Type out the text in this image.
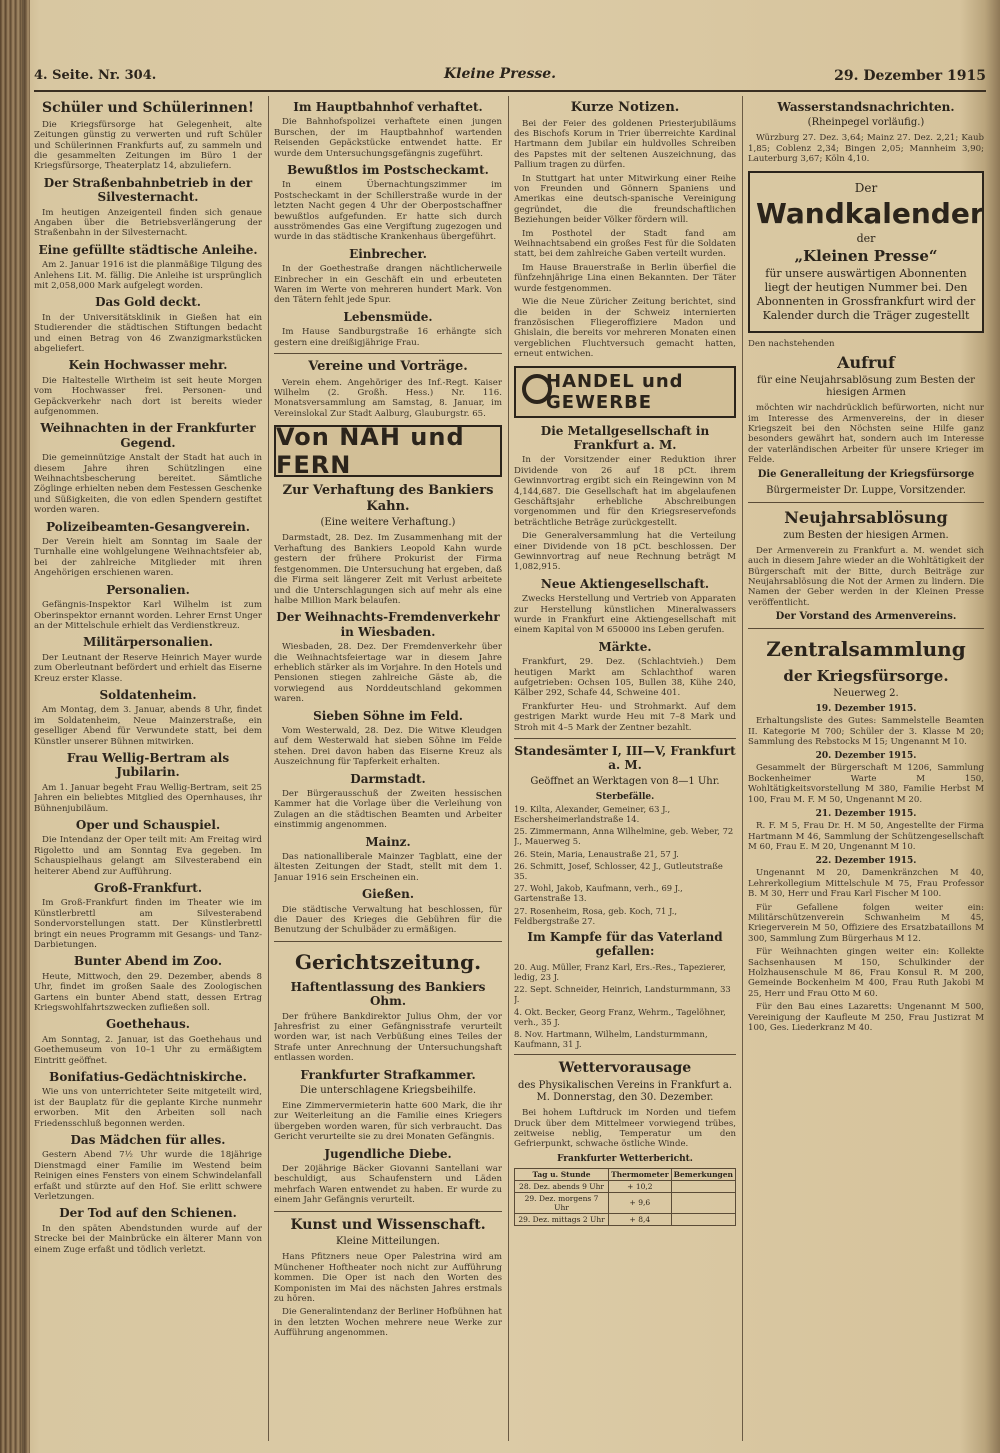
4. Seite. Nr. 304.	Kleine Presse.	29. Dezember 1915
Schüler und Schülerinnen!

Die Kriegsfürsorge hat Gelegenheit, alte Zeitungen günstig zu verwerten und ruft Schüler und Schülerinnen Frankfurts auf, zu sammeln und die gesammelten Zeitungen im Büro 1 der Kriegsfürsorge, Theaterplatz 14, abzuliefern.

Der Straßenbahnbetrieb in der Silvesternacht.

Im heutigen Anzeigenteil finden sich genaue Angaben über die Betriebsverlängerung der Straßenbahn in der Silvesternacht.

Eine gefüllte städtische Anleihe.

Am 2. Januar 1916 ist die planmäßige Tilgung des Anlehens Lit. M. fällig. Die Anleihe ist ursprünglich mit 2,058,000 Mark aufgelegt worden.

Das Gold deckt.

In der Universitätsklinik in Gießen hat ein Studierender die städtischen Stiftungen bedacht und einen Betrag von 46 Zwanzigmarkstücken abgeliefert.

Kein Hochwasser mehr.

Die Haltestelle Wirtheim ist seit heute Morgen vom Hochwasser frei. Personen- und Gepäckverkehr nach dort ist bereits wieder aufgenommen.

Weihnachten in der Frankfurter Gegend.

Die gemeinnützige Anstalt der Stadt hat auch in diesem Jahre ihren Schützlingen eine Weihnachtsbescherung bereitet. Sämtliche Zöglinge erhielten neben dem Festessen Geschenke und Süßigkeiten, die von edlen Spendern gestiftet worden waren.

Polizeibeamten-Gesangverein.

Der Verein hielt am Sonntag im Saale der Turnhalle eine wohlgelungene Weihnachtsfeier ab, bei der zahlreiche Mitglieder mit ihren Angehörigen erschienen waren.

Personalien.

Gefängnis-Inspektor Karl Wilhelm ist zum Oberinspektor ernannt worden. Lehrer Ernst Unger an der Mittelschule erhielt das Verdienstkreuz.

Militärpersonalien.

Der Leutnant der Reserve Heinrich Mayer wurde zum Oberleutnant befördert und erhielt das Eiserne Kreuz erster Klasse.

Soldatenheim.

Am Montag, dem 3. Januar, abends 8 Uhr, findet im Soldatenheim, Neue Mainzerstraße, ein geselliger Abend für Verwundete statt, bei dem Künstler unserer Bühnen mitwirken.

Frau Wellig-Bertram als Jubilarin.

Am 1. Januar begeht Frau Wellig-Bertram, seit 25 Jahren ein beliebtes Mitglied des Opernhauses, ihr Bühnenjubiläum.

Oper und Schauspiel.

Die Intendanz der Oper teilt mit: Am Freitag wird Rigoletto und am Sonntag Eva gegeben. Im Schauspielhaus gelangt am Silvesterabend ein heiterer Abend zur Aufführung.

Groß-Frankfurt.

Im Groß-Frankfurt finden im Theater wie im Künstlerbrettl am Silvesterabend Sondervorstellungen statt. Der Künstlerbrettl bringt ein neues Programm mit Gesangs- und Tanz-Darbietungen.

Bunter Abend im Zoo.

Heute, Mittwoch, den 29. Dezember, abends 8 Uhr, findet im großen Saale des Zoologischen Gartens ein bunter Abend statt, dessen Ertrag Kriegswohlfahrtszwecken zufließen soll.

Goethehaus.

Am Sonntag, 2. Januar, ist das Goethehaus und Goethemuseum von 10–1 Uhr zu ermäßigtem Eintritt geöffnet.

Bonifatius-Gedächtniskirche.

Wie uns von unterrichteter Seite mitgeteilt wird, ist der Bauplatz für die geplante Kirche nunmehr erworben. Mit den Arbeiten soll nach Friedensschluß begonnen werden.

Das Mädchen für alles.

Gestern Abend 7½ Uhr wurde die 18jährige Dienstmagd einer Familie im Westend beim Reinigen eines Fensters von einem Schwindelanfall erfaßt und stürzte auf den Hof. Sie erlitt schwere Verletzungen.

Der Tod auf den Schienen.

In den späten Abendstunden wurde auf der Strecke bei der Mainbrücke ein älterer Mann von einem Zuge erfaßt und tödlich verletzt.

Im Hauptbahnhof verhaftet.

Die Bahnhofspolizei verhaftete einen jungen Burschen, der im Hauptbahnhof wartenden Reisenden Gepäckstücke entwendet hatte. Er wurde dem Untersuchungsgefängnis zugeführt.

Bewußtlos im Postscheckamt.

In einem Übernachtungszimmer im Postscheckamt in der Schillerstraße wurde in der letzten Nacht gegen 4 Uhr der Oberpostschaffner bewußtlos aufgefunden. Er hatte sich durch ausströmendes Gas eine Vergiftung zugezogen und wurde in das städtische Krankenhaus übergeführt.

Einbrecher.

In der Goethestraße drangen nächtlicherweile Einbrecher in ein Geschäft ein und erbeuteten Waren im Werte von mehreren hundert Mark. Von den Tätern fehlt jede Spur.

Lebensmüde.

Im Hause Sandburgstraße 16 erhängte sich gestern eine dreißigjährige Frau.

Vereine und Vorträge.

Verein ehem. Angehöriger des Inf.-Regt. Kaiser Wilhelm (2. Großh. Hess.) Nr. 116. Monatsversammlung am Samstag, 8. Januar, im Vereinslokal Zur Stadt Aalburg, Glauburgstr. 65.

Von NAH und FERN
Zur Verhaftung des Bankiers Kahn.
(Eine weitere Verhaftung.)

Darmstadt, 28. Dez. Im Zusammenhang mit der Verhaftung des Bankiers Leopold Kahn wurde gestern der frühere Prokurist der Firma festgenommen. Die Untersuchung hat ergeben, daß die Firma seit längerer Zeit mit Verlust arbeitete und die Unterschlagungen sich auf mehr als eine halbe Million Mark belaufen.

Der Weihnachts-Fremdenverkehr in Wiesbaden.

Wiesbaden, 28. Dez. Der Fremdenverkehr über die Weihnachtsfeiertage war in diesem Jahre erheblich stärker als im Vorjahre. In den Hotels und Pensionen stiegen zahlreiche Gäste ab, die vorwiegend aus Norddeutschland gekommen waren.

Sieben Söhne im Feld.

Vom Westerwald, 28. Dez. Die Witwe Kleudgen auf dem Westerwald hat sieben Söhne im Felde stehen. Drei davon haben das Eiserne Kreuz als Auszeichnung für Tapferkeit erhalten.

Darmstadt.

Der Bürgerausschuß der Zweiten hessischen Kammer hat die Vorlage über die Verleihung von Zulagen an die städtischen Beamten und Arbeiter einstimmig angenommen.

Mainz.

Das nationalliberale Mainzer Tagblatt, eine der ältesten Zeitungen der Stadt, stellt mit dem 1. Januar 1916 sein Erscheinen ein.

Gießen.

Die städtische Verwaltung hat beschlossen, für die Dauer des Krieges die Gebühren für die Benutzung der Schulbäder zu ermäßigen.

Gerichtszeitung.
Haftentlassung des Bankiers Ohm.

Der frühere Bankdirektor Julius Ohm, der vor Jahresfrist zu einer Gefängnisstrafe verurteilt worden war, ist nach Verbüßung eines Teiles der Strafe unter Anrechnung der Untersuchungshaft entlassen worden.

Frankfurter Strafkammer.
Die unterschlagene Kriegsbeihilfe.

Eine Zimmervermieterin hatte 600 Mark, die ihr zur Weiterleitung an die Familie eines Kriegers übergeben worden waren, für sich verbraucht. Das Gericht verurteilte sie zu drei Monaten Gefängnis.

Jugendliche Diebe.

Der 20jährige Bäcker Giovanni Santellani war beschuldigt, aus Schaufenstern und Läden mehrfach Waren entwendet zu haben. Er wurde zu einem Jahr Gefängnis verurteilt.

Kunst und Wissenschaft.
Kleine Mitteilungen.

Hans Pfitzners neue Oper Palestrina wird am Münchener Hoftheater noch nicht zur Aufführung kommen. Die Oper ist nach den Worten des Komponisten im Mai des nächsten Jahres erstmals zu hören.

Die Generalintendanz der Berliner Hofbühnen hat in den letzten Wochen mehrere neue Werke zur Aufführung angenommen.

Kurze Notizen.

Bei der Feier des goldenen Priesterjubiläums des Bischofs Korum in Trier überreichte Kardinal Hartmann dem Jubilar ein huldvolles Schreiben des Papstes mit der seltenen Auszeichnung, das Pallium tragen zu dürfen.

In Stuttgart hat unter Mitwirkung einer Reihe von Freunden und Gönnern Spaniens und Amerikas eine deutsch-spanische Vereinigung gegründet, die die freundschaftlichen Beziehungen beider Völker fördern will.

Im Posthotel der Stadt fand am Weihnachtsabend ein großes Fest für die Soldaten statt, bei dem zahlreiche Gaben verteilt wurden.

Im Hause Brauerstraße in Berlin überfiel die fünfzehnjährige Lina einen Bekannten. Der Täter wurde festgenommen.

Wie die Neue Züricher Zeitung berichtet, sind die beiden in der Schweiz internierten französischen Fliegeroffiziere Madon und Ghislain, die bereits vor mehreren Monaten einen vergeblichen Fluchtversuch gemacht hatten, erneut entwichen.

HANDEL und GEWERBE
Die Metallgesellschaft in Frankfurt a. M.

In der Vorsitzender einer Reduktion ihrer Dividende von 26 auf 18 pCt. ihrem Gewinnvortrag ergibt sich ein Reingewinn von M 4,144,687. Die Gesellschaft hat im abgelaufenen Geschäftsjahr erhebliche Abschreibungen vorgenommen und für den Kriegsreservefonds beträchtliche Beträge zurückgestellt.

Die Generalversammlung hat die Verteilung einer Dividende von 18 pCt. beschlossen. Der Gewinnvortrag auf neue Rechnung beträgt M 1,082,915.

Neue Aktiengesellschaft.

Zwecks Herstellung und Vertrieb von Apparaten zur Herstellung künstlichen Mineralwassers wurde in Frankfurt eine Aktiengesellschaft mit einem Kapital von M 650000 ins Leben gerufen.

Märkte.

Frankfurt, 29. Dez. (Schlachtvieh.) Dem heutigen Markt am Schlachthof waren aufgetrieben: Ochsen 105, Bullen 38, Kühe 240, Kälber 292, Schafe 44, Schweine 401.

Frankfurter Heu- und Strohmarkt. Auf dem gestrigen Markt wurde Heu mit 7–8 Mark und Stroh mit 4–5 Mark der Zentner bezahlt.

Standesämter I, III—V, Frankfurt a. M.
Geöffnet an Werktagen von 8—1 Uhr.
Sterbefälle.

19. Kilta, Alexander, Gemeiner, 63 J., Eschersheimerlandstraße 14.

25. Zimmermann, Anna Wilhelmine, geb. Weber, 72 J., Mauerweg 5.

26. Stein, Maria, Lenaustraße 21, 57 J.

26. Schmitt, Josef, Schlosser, 42 J., Gutleutstraße 35.

27. Wohl, Jakob, Kaufmann, verh., 69 J., Gartenstraße 13.

27. Rosenheim, Rosa, geb. Koch, 71 J., Feldbergstraße 27.

Im Kampfe für das Vaterland gefallen:

20. Aug. Müller, Franz Karl, Ers.-Res., Tapezierer, ledig, 23 J.

22. Sept. Schneider, Heinrich, Landsturmmann, 33 J.

4. Okt. Becker, Georg Franz, Wehrm., Tagelöhner, verh., 35 J.

8. Nov. Hartmann, Wilhelm, Landsturmmann, Kaufmann, 31 J.

Wettervorausage
des Physikalischen Vereins in Frankfurt a. M. Donnerstag, den 30. Dezember.

Bei hohem Luftdruck im Norden und tiefem Druck über dem Mittelmeer vorwiegend trübes, zeitweise neblig, Temperatur um den Gefrierpunkt, schwache östliche Winde.

Frankfurter Wetterbericht.
Tag u. Stunde	Thermometer	Bemerkungen
28. Dez. abends 9 Uhr	+ 10,2	
29. Dez. morgens 7 Uhr	+ 9,6	
29. Dez. mittags 2 Uhr	+ 8,4	
Wasserstandsnachrichten.
(Rheinpegel vorläufig.)

Würzburg 27. Dez. 3,64; Mainz 27. Dez. 2,21; Kaub 1,85; Coblenz 2,34; Bingen 2,05; Mannheim 3,90; Lauterburg 3,67; Köln 4,10.

Der
Wandkalender
der
„Kleinen Presse“
für unsere auswärtigen Abonnenten liegt der heutigen Nummer bei. Den Abonnenten in Grossfrankfurt wird der Kalender durch die Träger zugestellt

Den nachstehenden

Aufruf
für eine Neujahrsablösung zum Besten der hiesigen Armen

möchten wir nachdrücklich befürworten, nicht nur im Interesse des Armenvereins, der in dieser Kriegszeit bei den Nöchsten seine Hilfe ganz besonders gewährt hat, sondern auch im Interesse der vaterländischen Arbeiter für unsere Krieger im Felde.

Die Generalleitung der Kriegsfürsorge
Bürgermeister Dr. Luppe, Vorsitzender.
Neujahrsablösung
zum Besten der hiesigen Armen.

Der Armenverein zu Frankfurt a. M. wendet sich auch in diesem Jahre wieder an die Wohltätigkeit der Bürgerschaft mit der Bitte, durch Beiträge zur Neujahrsablösung die Not der Armen zu lindern. Die Namen der Geber werden in der Kleinen Presse veröffentlicht.

Der Vorstand des Armenvereins.
Zentralsammlung
der Kriegsfürsorge.
Neuerweg 2.
19. Dezember 1915.

Erhaltungsliste des Gutes: Sammelstelle Beamten II. Kategorie M 700; Schüler der 3. Klasse M 20; Sammlung des Rebstocks M 15; Ungenannt M 10.

20. Dezember 1915.

Gesammelt der Bürgerschaft M 1206, Sammlung Bockenheimer Warte M 150, Wohltätigkeitsvorstellung M 380, Familie Herbst M 100, Frau M. F. M 50, Ungenannt M 20.

21. Dezember 1915.

R. F. M 5, Frau Dr. H. M 50, Angestellte der Firma Hartmann M 46, Sammlung der Schützengesellschaft M 60, Frau E. M 20, Ungenannt M 10.

22. Dezember 1915.

Ungenannt M 20, Damenkränzchen M 40, Lehrerkollegium Mittelschule M 75, Frau Professor B. M 30, Herr und Frau Karl Fischer M 100.

Für Gefallene folgen weiter ein: Militärschützenverein Schwanheim M 45, Kriegerverein M 50, Offiziere des Ersatzbataillons M 300, Sammlung Zum Bürgerhaus M 12.

Für Weihnachten gingen weiter ein: Kollekte Sachsenhausen M 150, Schulkinder der Holzhausenschule M 86, Frau Konsul R. M 200, Gemeinde Bockenheim M 400, Frau Ruth Jakobi M 25, Herr und Frau Otto M 60.

Für den Bau eines Lazaretts: Ungenannt M 500, Vereinigung der Kaufleute M 250, Frau Justizrat M 100, Ges. Liederkranz M 40.
